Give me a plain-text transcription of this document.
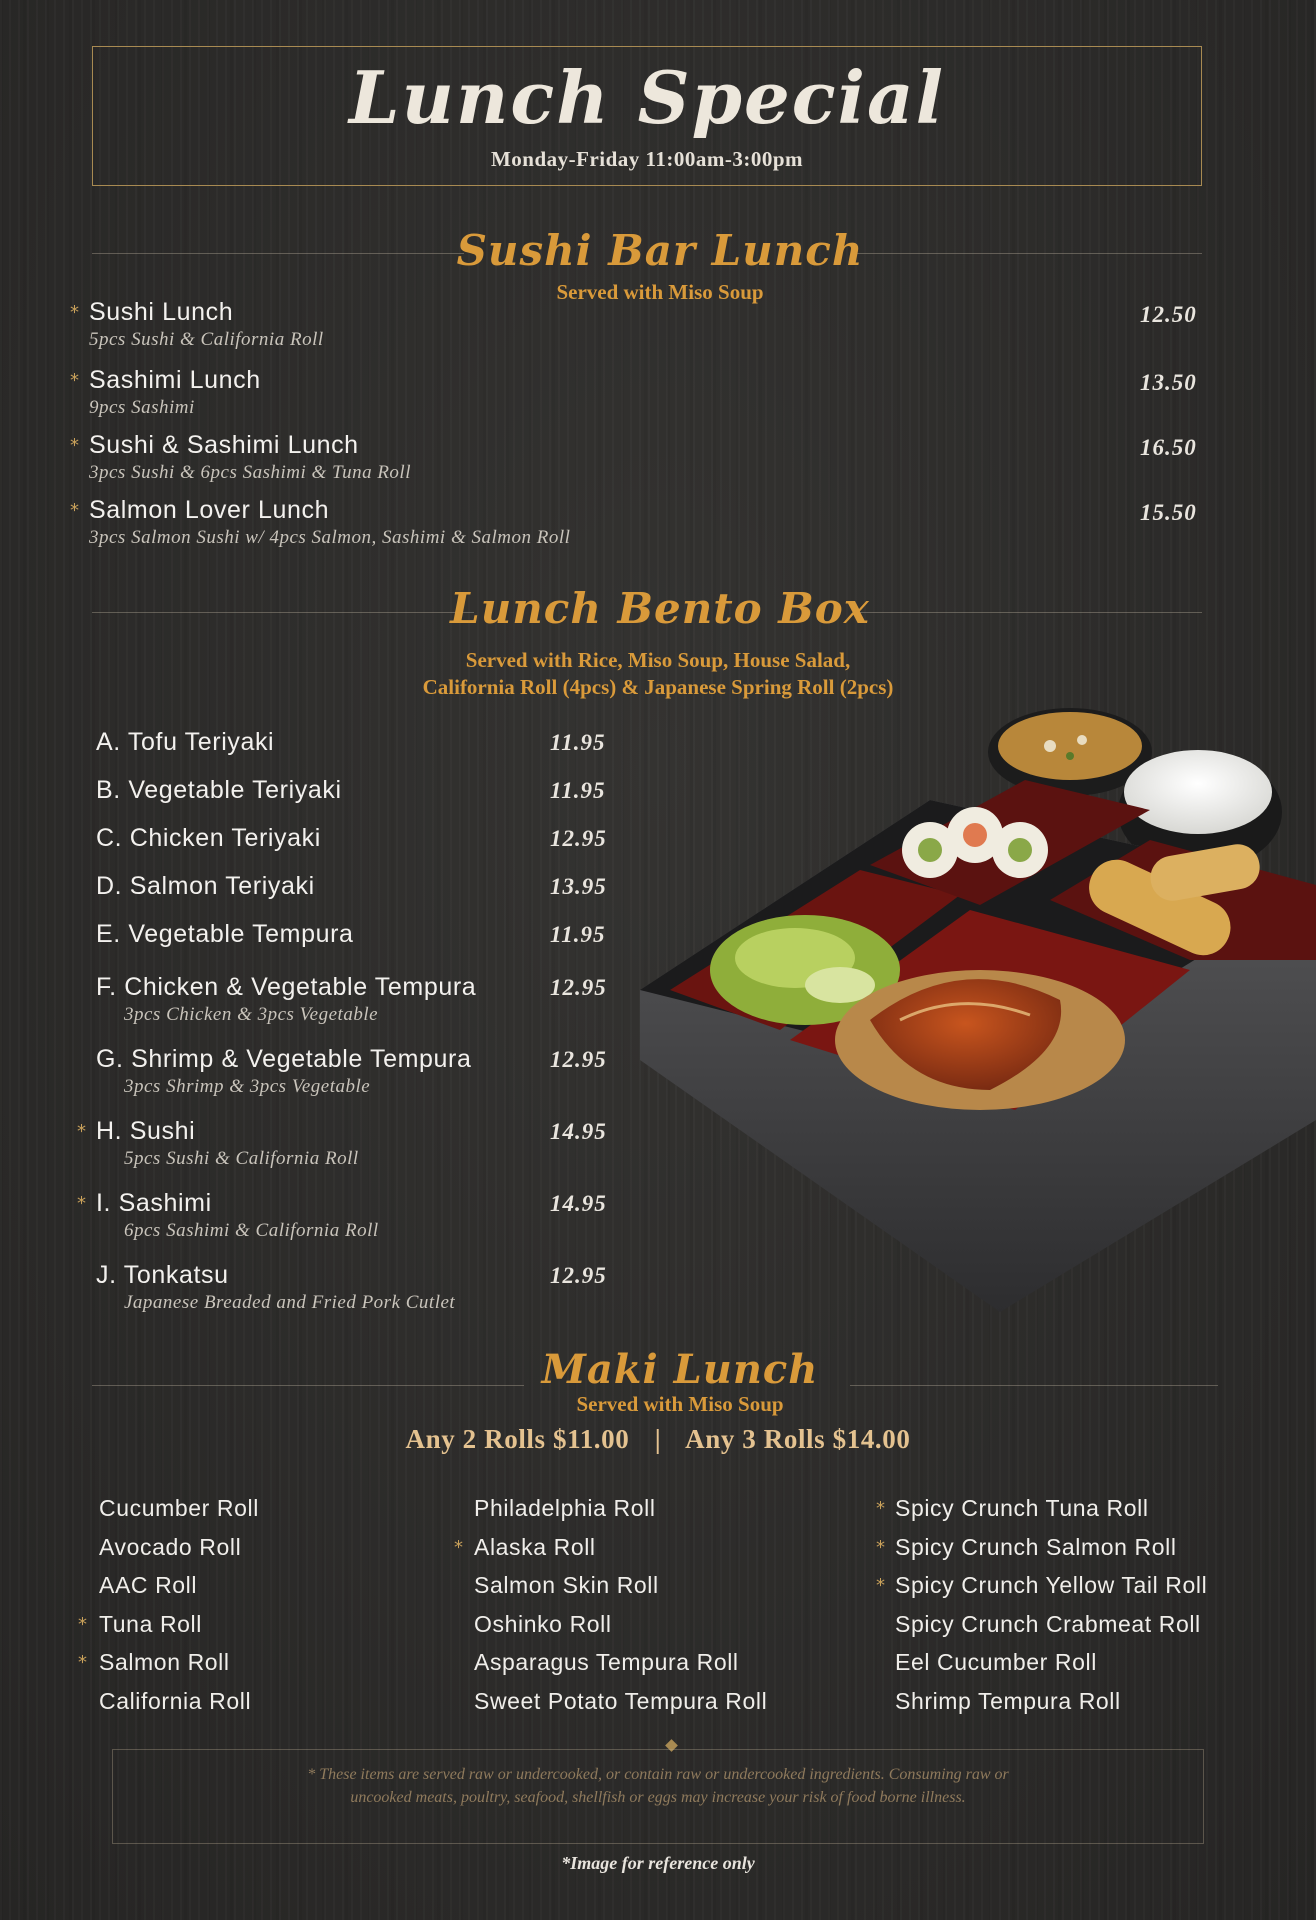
Lunch Special
Monday-Friday 11:00am-3:00pm
Sushi Bar Lunch
Served with Miso Soup
* Sushi Lunch
5pcs Sushi & California Roll
12.50
* Sashimi Lunch
9pcs Sashimi
13.50
* Sushi & Sashimi Lunch
3pcs Sushi & 6pcs Sashimi & Tuna Roll
16.50
* Salmon Lover Lunch
3pcs Salmon Sushi w/ 4pcs Salmon, Sashimi & Salmon Roll
15.50
Lunch Bento Box
Served with Rice, Miso Soup, House Salad,
California Roll (4pcs) & Japanese Spring Roll (2pcs)
A. Tofu Teriyaki	11.95
B. Vegetable Teriyaki	11.95
C. Chicken Teriyaki	12.95
D. Salmon Teriyaki	13.95
E. Vegetable Tempura	11.95
F. Chicken & Vegetable Tempura
3pcs Chicken & 3pcs Vegetable
12.95
G. Shrimp & Vegetable Tempura
3pcs Shrimp & 3pcs Vegetable
12.95
* H. Sushi
5pcs Sushi & California Roll
14.95
* I. Sashimi
6pcs Sashimi & California Roll
14.95
J. Tonkatsu
Japanese Breaded and Fried Pork Cutlet
12.95
Maki Lunch
Served with Miso Soup
Any 2 Rolls $11.00 | Any 3 Rolls $14.00
Cucumber Roll
Avocado Roll
AAC Roll
* Tuna Roll
* Salmon Roll
California Roll
Philadelphia Roll
* Alaska Roll
Salmon Skin Roll
Oshinko Roll
Asparagus Tempura Roll
Sweet Potato Tempura Roll
* Spicy Crunch Tuna Roll
* Spicy Crunch Salmon Roll
* Spicy Crunch Yellow Tail Roll
Spicy Crunch Crabmeat Roll
Eel Cucumber Roll
Shrimp Tempura Roll
* These items are served raw or undercooked, or contain raw or undercooked ingredients. Consuming raw or uncooked meats, poultry, seafood, shellfish or eggs may increase your risk of food borne illness.
*Image for reference only
